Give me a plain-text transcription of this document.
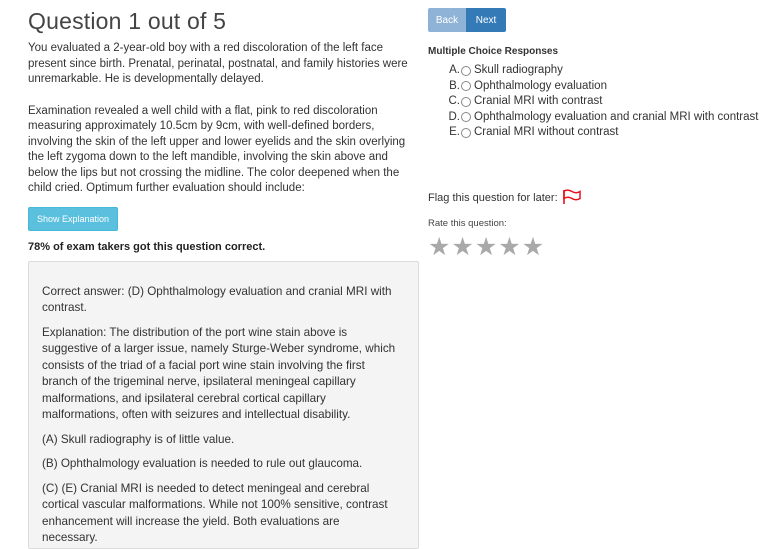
Question 1 out of 5

You evaluated a 2-year-old boy with a red discoloration of the left face present since birth. Prenatal, perinatal, postnatal, and family histories were unremarkable. He is developmentally delayed.

Examination revealed a well child with a flat, pink to red discoloration measuring approximately 10.5cm by 9cm, with well-defined borders, involving the skin of the left upper and lower eyelids and the skin overlying the left zygoma down to the left mandible, involving the skin above and below the lips but not crossing the midline. The color deepened when the child cried. Optimum further evaluation should include:

Show Explanation
78% of exam takers got this question correct.

Correct answer: (D) Ophthalmology evaluation and cranial MRI with contrast.

Explanation: The distribution of the port wine stain above is suggestive of a larger issue, namely Sturge-Weber syndrome, which consists of the triad of a facial port wine stain involving the first branch of the trigeminal nerve, ipsilateral meningeal capillary malformations, and ipsilateral cerebral cortical capillary malformations, often with seizures and intellectual disability.

(A) Skull radiography is of little value.

(B) Ophthalmology evaluation is needed to rule out glaucoma.

(C) (E) Cranial MRI is needed to detect meningeal and cerebral cortical vascular malformations. While not 100% sensitive, contrast enhancement will increase the yield. Both evaluations are necessary.

Back	Next
Multiple Choice Responses
A. Skull radiography
B. Ophthalmology evaluation
C. Cranial MRI with contrast
D. Ophthalmology evaluation and cranial MRI with contrast
E. Cranial MRI without contrast
Flag this question for later:
Rate this question:
★ ★ ★ ★ ★
